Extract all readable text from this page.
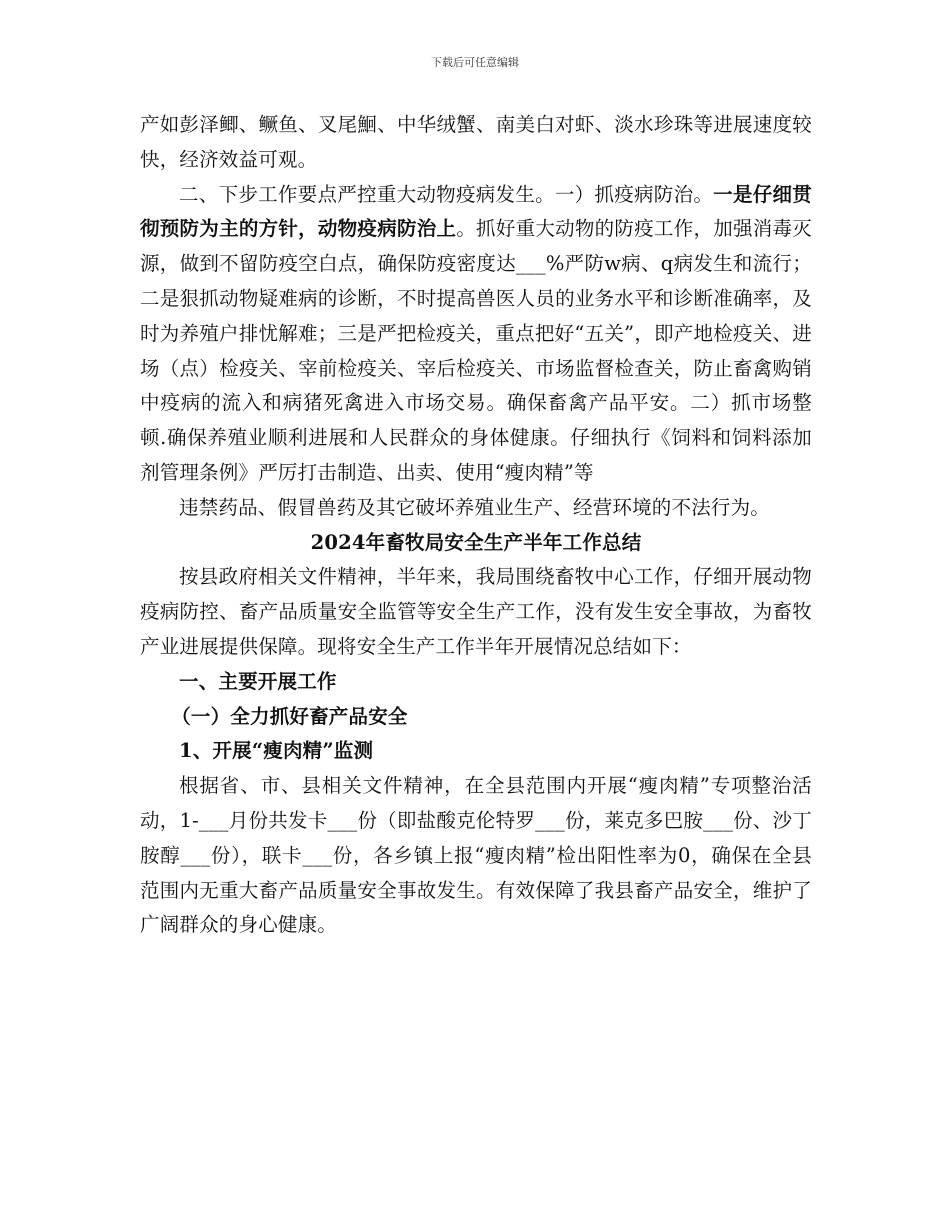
下载后可任意编辑

产如彭泽鲫、鳜鱼、叉尾鮰、中华绒蟹、南美白对虾、淡水珍珠等进展速度较快，经济效益可观。

二、下步工作要点严控重大动物疫病发生。一）抓疫病防治。一是仔细贯彻预防为主的方针，动物疫病防治上。抓好重大动物的防疫工作，加强消毒灭源，做到不留防疫空白点，确保防疫密度达___%严防w病、q病发生和流行；二是狠抓动物疑难病的诊断，不时提高兽医人员的业务水平和诊断准确率，及时为养殖户排忧解难；三是严把检疫关，重点把好“五关”，即产地检疫关、进场（点）检疫关、宰前检疫关、宰后检疫关、市场监督检查关，防止畜禽购销中疫病的流入和病猪死禽进入市场交易。确保畜禽产品平安。二）抓市场整顿.确保养殖业顺利进展和人民群众的身体健康。仔细执行《饲料和饲料添加剂管理条例》严厉打击制造、出卖、使用“瘦肉精”等

违禁药品、假冒兽药及其它破坏养殖业生产、经营环境的不法行为。

2024年畜牧局安全生产半年工作总结

按县政府相关文件精神，半年来，我局围绕畜牧中心工作，仔细开展动物疫病防控、畜产品质量安全监管等安全生产工作，没有发生安全事故，为畜牧产业进展提供保障。现将安全生产工作半年开展情况总结如下：

一、主要开展工作

（一）全力抓好畜产品安全

1、开展“瘦肉精”监测

根据省、市、县相关文件精神，在全县范围内开展“瘦肉精”专项整治活动，1-___月份共发卡___份（即盐酸克伦特罗___份，莱克多巴胺___份、沙丁胺醇___份），联卡___份，各乡镇上报“瘦肉精”检出阳性率为0，确保在全县范围内无重大畜产品质量安全事故发生。有效保障了我县畜产品安全，维护了广阔群众的身心健康。
